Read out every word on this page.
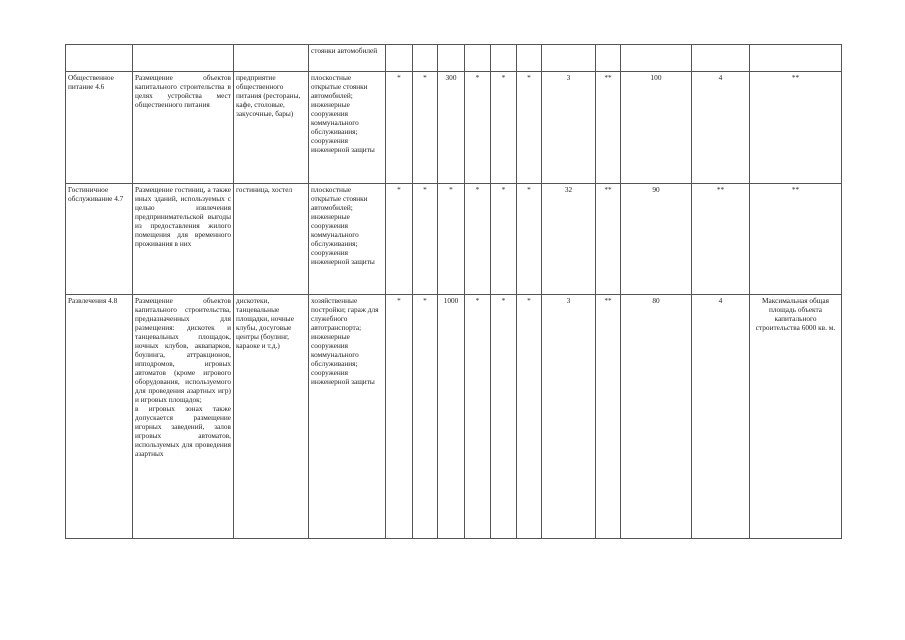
			стоянки автомобилей											
Общественное питание 4.6	Размещение объектов капитального строительства в целях устройства мест общественного питания	предприятие общественного питания (рестораны, кафе, столовые, закусочные, бары)	плоскостные открытые стоянки автомобилей; инженерные сооружения коммунального обслуживания; сооружения инженерной защиты	*	*	300	*	*	*	3	**	100	4	**
Гостиничное обслуживание 4.7	Размещение гостиниц, а также иных зданий, используемых с целью извлечения предпринимательской выгоды из предоставления жилого помещения для временного проживания в них	гостиница, хостел	плоскостные открытые стоянки автомобилей; инженерные сооружения коммунального обслуживания; сооружения инженерной защиты	*	*	*	*	*	*	32	**	90	**	**
Развлечения 4.8	Размещение объектов капитального строительства, предназначенных для размещения: дискотек и танцевальных площадок, ночных клубов, аквапарков, боулинга, аттракционов, ипподромов, игровых автоматов (кроме игрового оборудования, используемого для проведения азартных игр) и игровых площадок;
в игровых зонах также допускается размещение игорных заведений, залов игровых автоматов, используемых для проведения азартных	дискотеки, танцевальные площадки, ночные клубы, досуговые центры (боулинг, караоке и т.д.)	хозяйственные постройки; гараж для служебного автотранспорта; инженерные сооружения коммунального обслуживания; сооружения инженерной защиты	*	*	1000	*	*	*	3	**	80	4	Максимальная общая площадь объекта капитального строительства 6000 кв. м.
